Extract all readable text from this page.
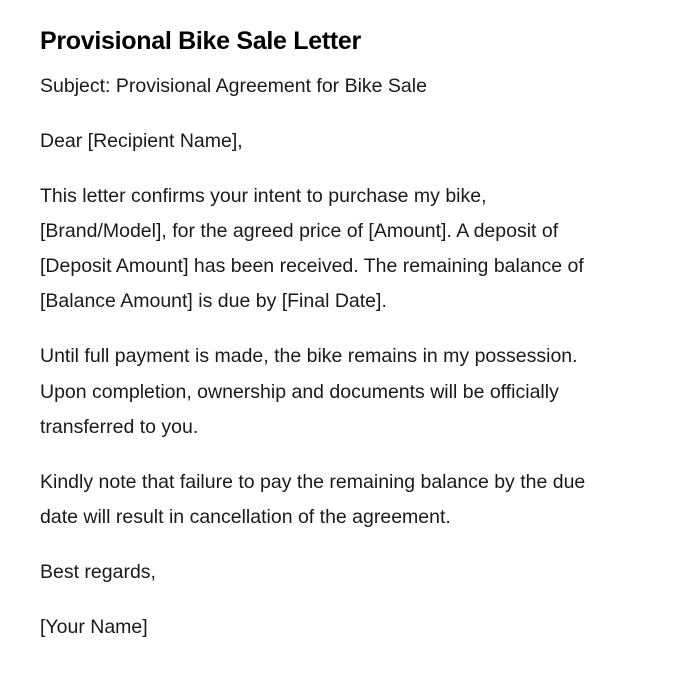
Provisional Bike Sale Letter

Subject: Provisional Agreement for Bike Sale

Dear [Recipient Name],

This letter confirms your intent to purchase my bike,
[Brand/Model], for the agreed price of [Amount]. A deposit of
[Deposit Amount] has been received. The remaining balance of
[Balance Amount] is due by [Final Date].

Until full payment is made, the bike remains in my possession.
Upon completion, ownership and documents will be officially
transferred to you.

Kindly note that failure to pay the remaining balance by the due
date will result in cancellation of the agreement.

Best regards,

[Your Name]
